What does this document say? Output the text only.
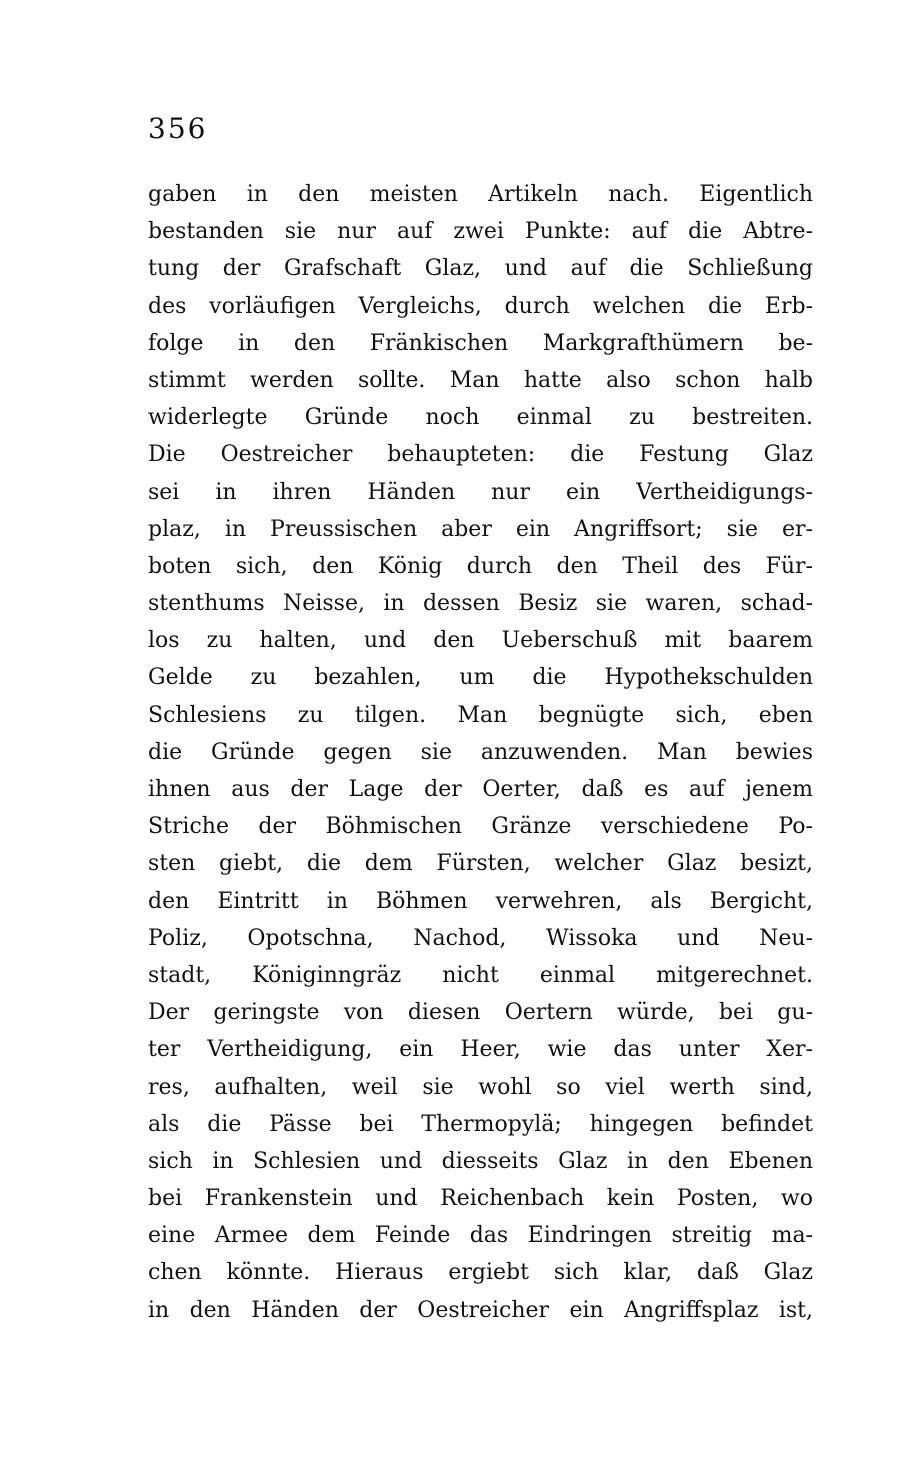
356
gaben in den meisten Artikeln nach. Eigentlich
bestanden sie nur auf zwei Punkte: auf die Abtre-
tung der Grafschaft Glaz, und auf die Schließung
des vorläufigen Vergleichs, durch welchen die Erb-
folge in den Fränkischen Markgrafthümern be-
stimmt werden sollte. Man hatte also schon halb
widerlegte Gründe noch einmal zu bestreiten.
Die Oestreicher behaupteten: die Festung Glaz
sei in ihren Händen nur ein Vertheidigungs-
plaz, in Preussischen aber ein Angriffsort; sie er-
boten sich, den König durch den Theil des Für-
stenthums Neisse, in dessen Besiz sie waren, schad-
los zu halten, und den Ueberschuß mit baarem
Gelde zu bezahlen, um die Hypothekschulden
Schlesiens zu tilgen. Man begnügte sich, eben
die Gründe gegen sie anzuwenden. Man bewies
ihnen aus der Lage der Oerter, daß es auf jenem
Striche der Böhmischen Gränze verschiedene Po-
sten giebt, die dem Fürsten, welcher Glaz besizt,
den Eintritt in Böhmen verwehren, als Bergicht,
Poliz, Opotschna, Nachod, Wissoka und Neu-
stadt, Königinngräz nicht einmal mitgerechnet.
Der geringste von diesen Oertern würde, bei gu-
ter Vertheidigung, ein Heer, wie das unter Xer-
res, aufhalten, weil sie wohl so viel werth sind,
als die Pässe bei Thermopylä; hingegen befindet
sich in Schlesien und diesseits Glaz in den Ebenen
bei Frankenstein und Reichenbach kein Posten, wo
eine Armee dem Feinde das Eindringen streitig ma-
chen könnte. Hieraus ergiebt sich klar, daß Glaz
in den Händen der Oestreicher ein Angriffsplaz ist,
